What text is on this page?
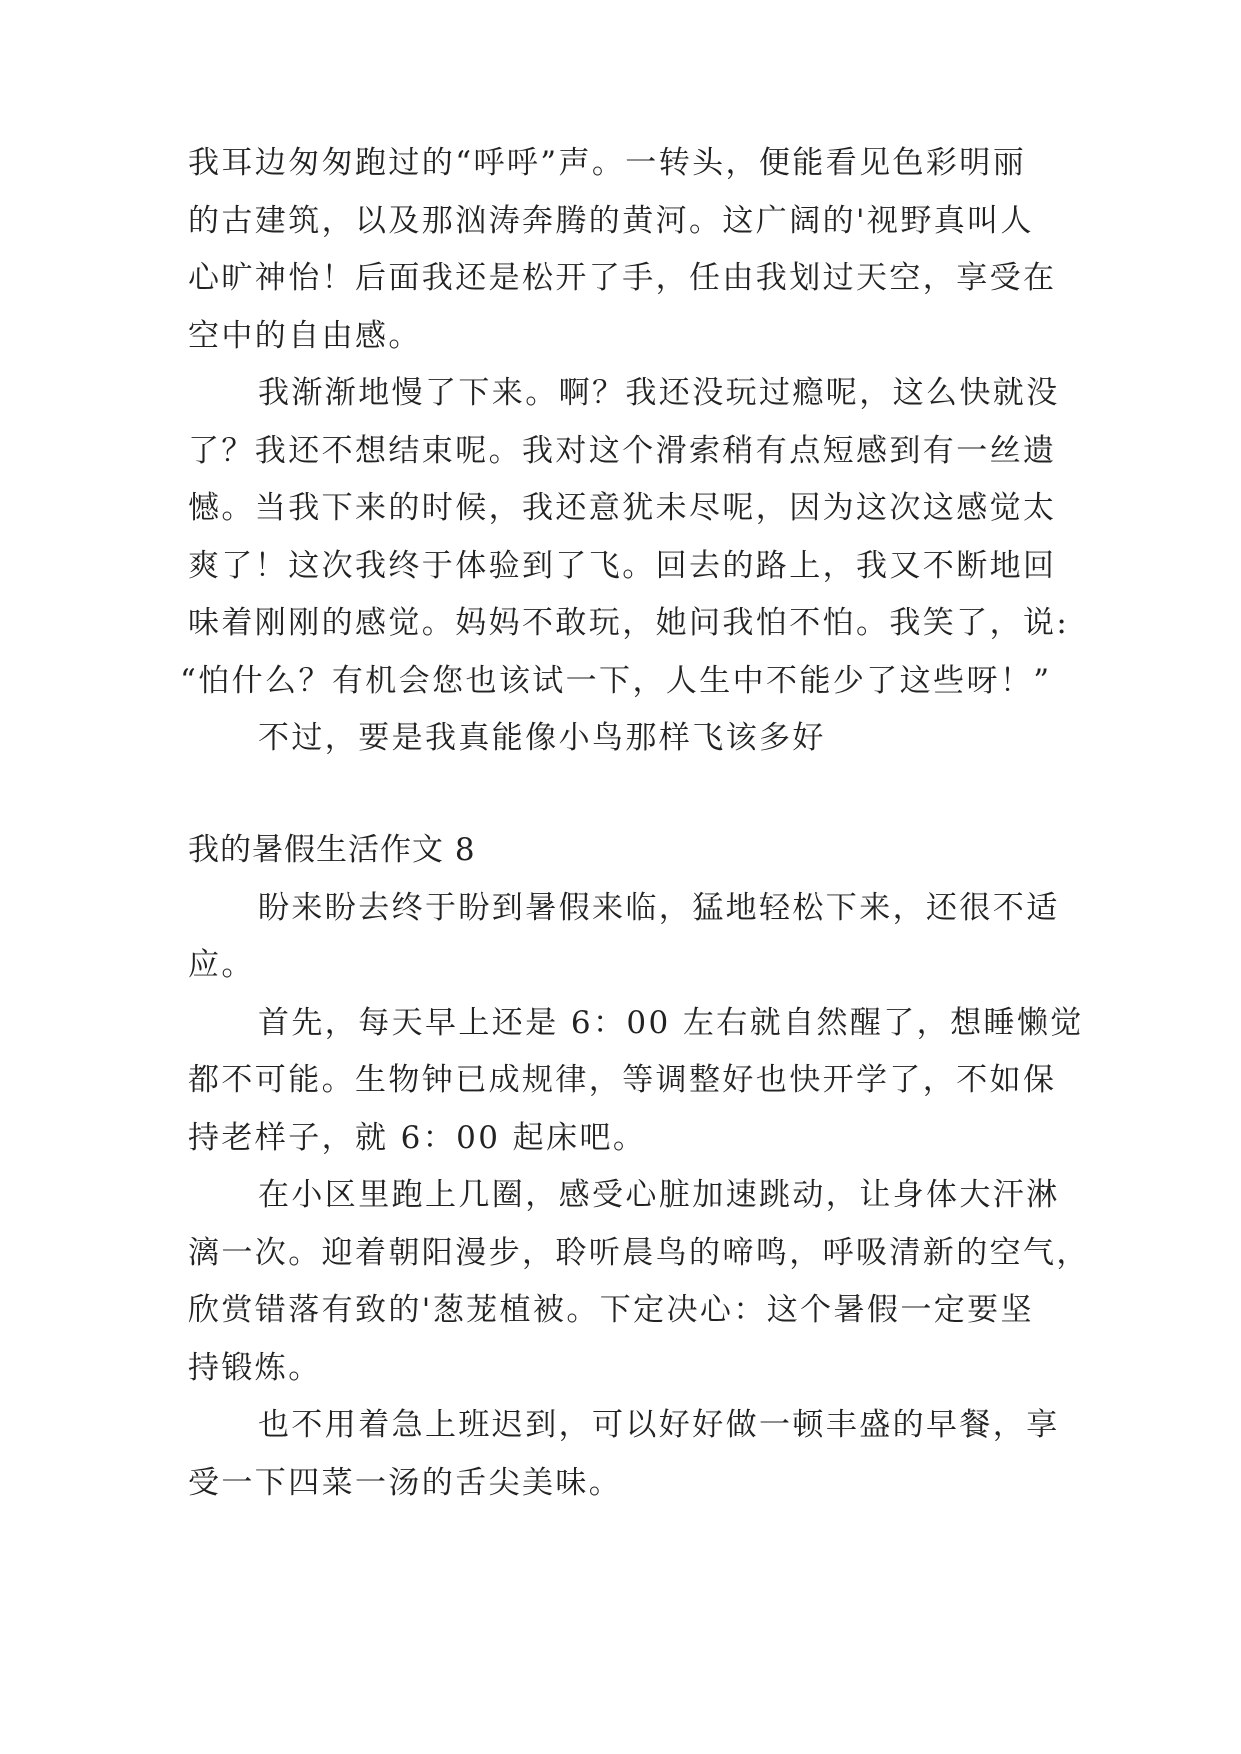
我耳边匆匆跑过的“呼呼”声。一转头，便能看见色彩明丽
的古建筑，以及那汹涛奔腾的黄河。这广阔的'视野真叫人
心旷神怡！后面我还是松开了手，任由我划过天空，享受在
空中的自由感。
我渐渐地慢了下来。啊？我还没玩过瘾呢，这么快就没
了？我还不想结束呢。我对这个滑索稍有点短感到有一丝遗
憾。当我下来的时候，我还意犹未尽呢，因为这次这感觉太
爽了！这次我终于体验到了飞。回去的路上，我又不断地回
味着刚刚的感觉。妈妈不敢玩，她问我怕不怕。我笑了，说:
“怕什么？有机会您也该试一下，人生中不能少了这些呀！”
不过，要是我真能像小鸟那样飞该多好
我的暑假生活作文 8
盼来盼去终于盼到暑假来临，猛地轻松下来，还很不适
应。
首先，每天早上还是 6：00 左右就自然醒了，想睡懒觉
都不可能。生物钟已成规律，等调整好也快开学了，不如保
持老样子，就 6：00 起床吧。
在小区里跑上几圈，感受心脏加速跳动，让身体大汗淋
漓一次。迎着朝阳漫步，聆听晨鸟的啼鸣，呼吸清新的空气，
欣赏错落有致的'葱茏植被。下定决心：这个暑假一定要坚
持锻炼。
也不用着急上班迟到，可以好好做一顿丰盛的早餐，享
受一下四菜一汤的舌尖美味。
